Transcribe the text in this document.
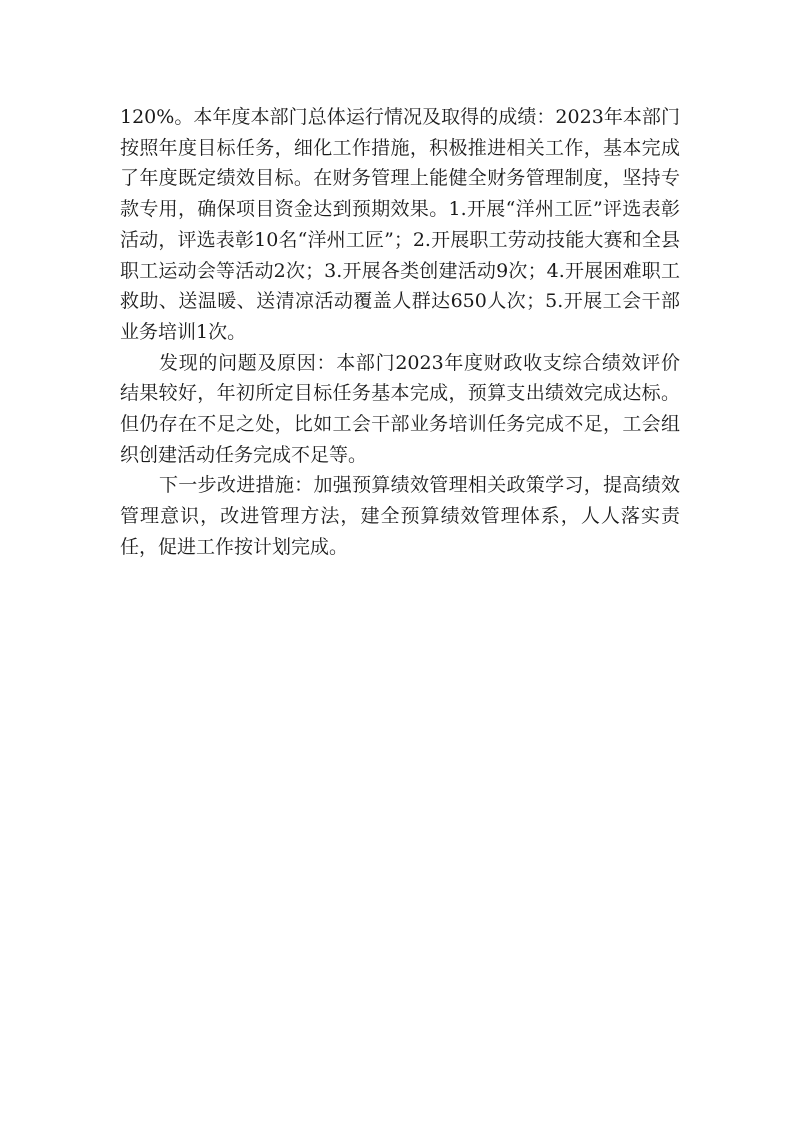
120%。本年度本部门总体运行情况及取得的成绩：2023年本部门按照年度目标任务，细化工作措施，积极推进相关工作，基本完成了年度既定绩效目标。在财务管理上能健全财务管理制度，坚持专款专用，确保项目资金达到预期效果。1.开展“洋州工匠”评选表彰活动，评选表彰10名“洋州工匠”；2.开展职工劳动技能大赛和全县职工运动会等活动2次；3.开展各类创建活动9次；4.开展困难职工救助、送温暖、送清凉活动覆盖人群达650人次；5.开展工会干部业务培训1次。

发现的问题及原因：本部门2023年度财政收支综合绩效评价结果较好，年初所定目标任务基本完成，预算支出绩效完成达标。但仍存在不足之处，比如工会干部业务培训任务完成不足，工会组织创建活动任务完成不足等。

下一步改进措施：加强预算绩效管理相关政策学习，提高绩效管理意识，改进管理方法，建全预算绩效管理体系，人人落实责任，促进工作按计划完成。
